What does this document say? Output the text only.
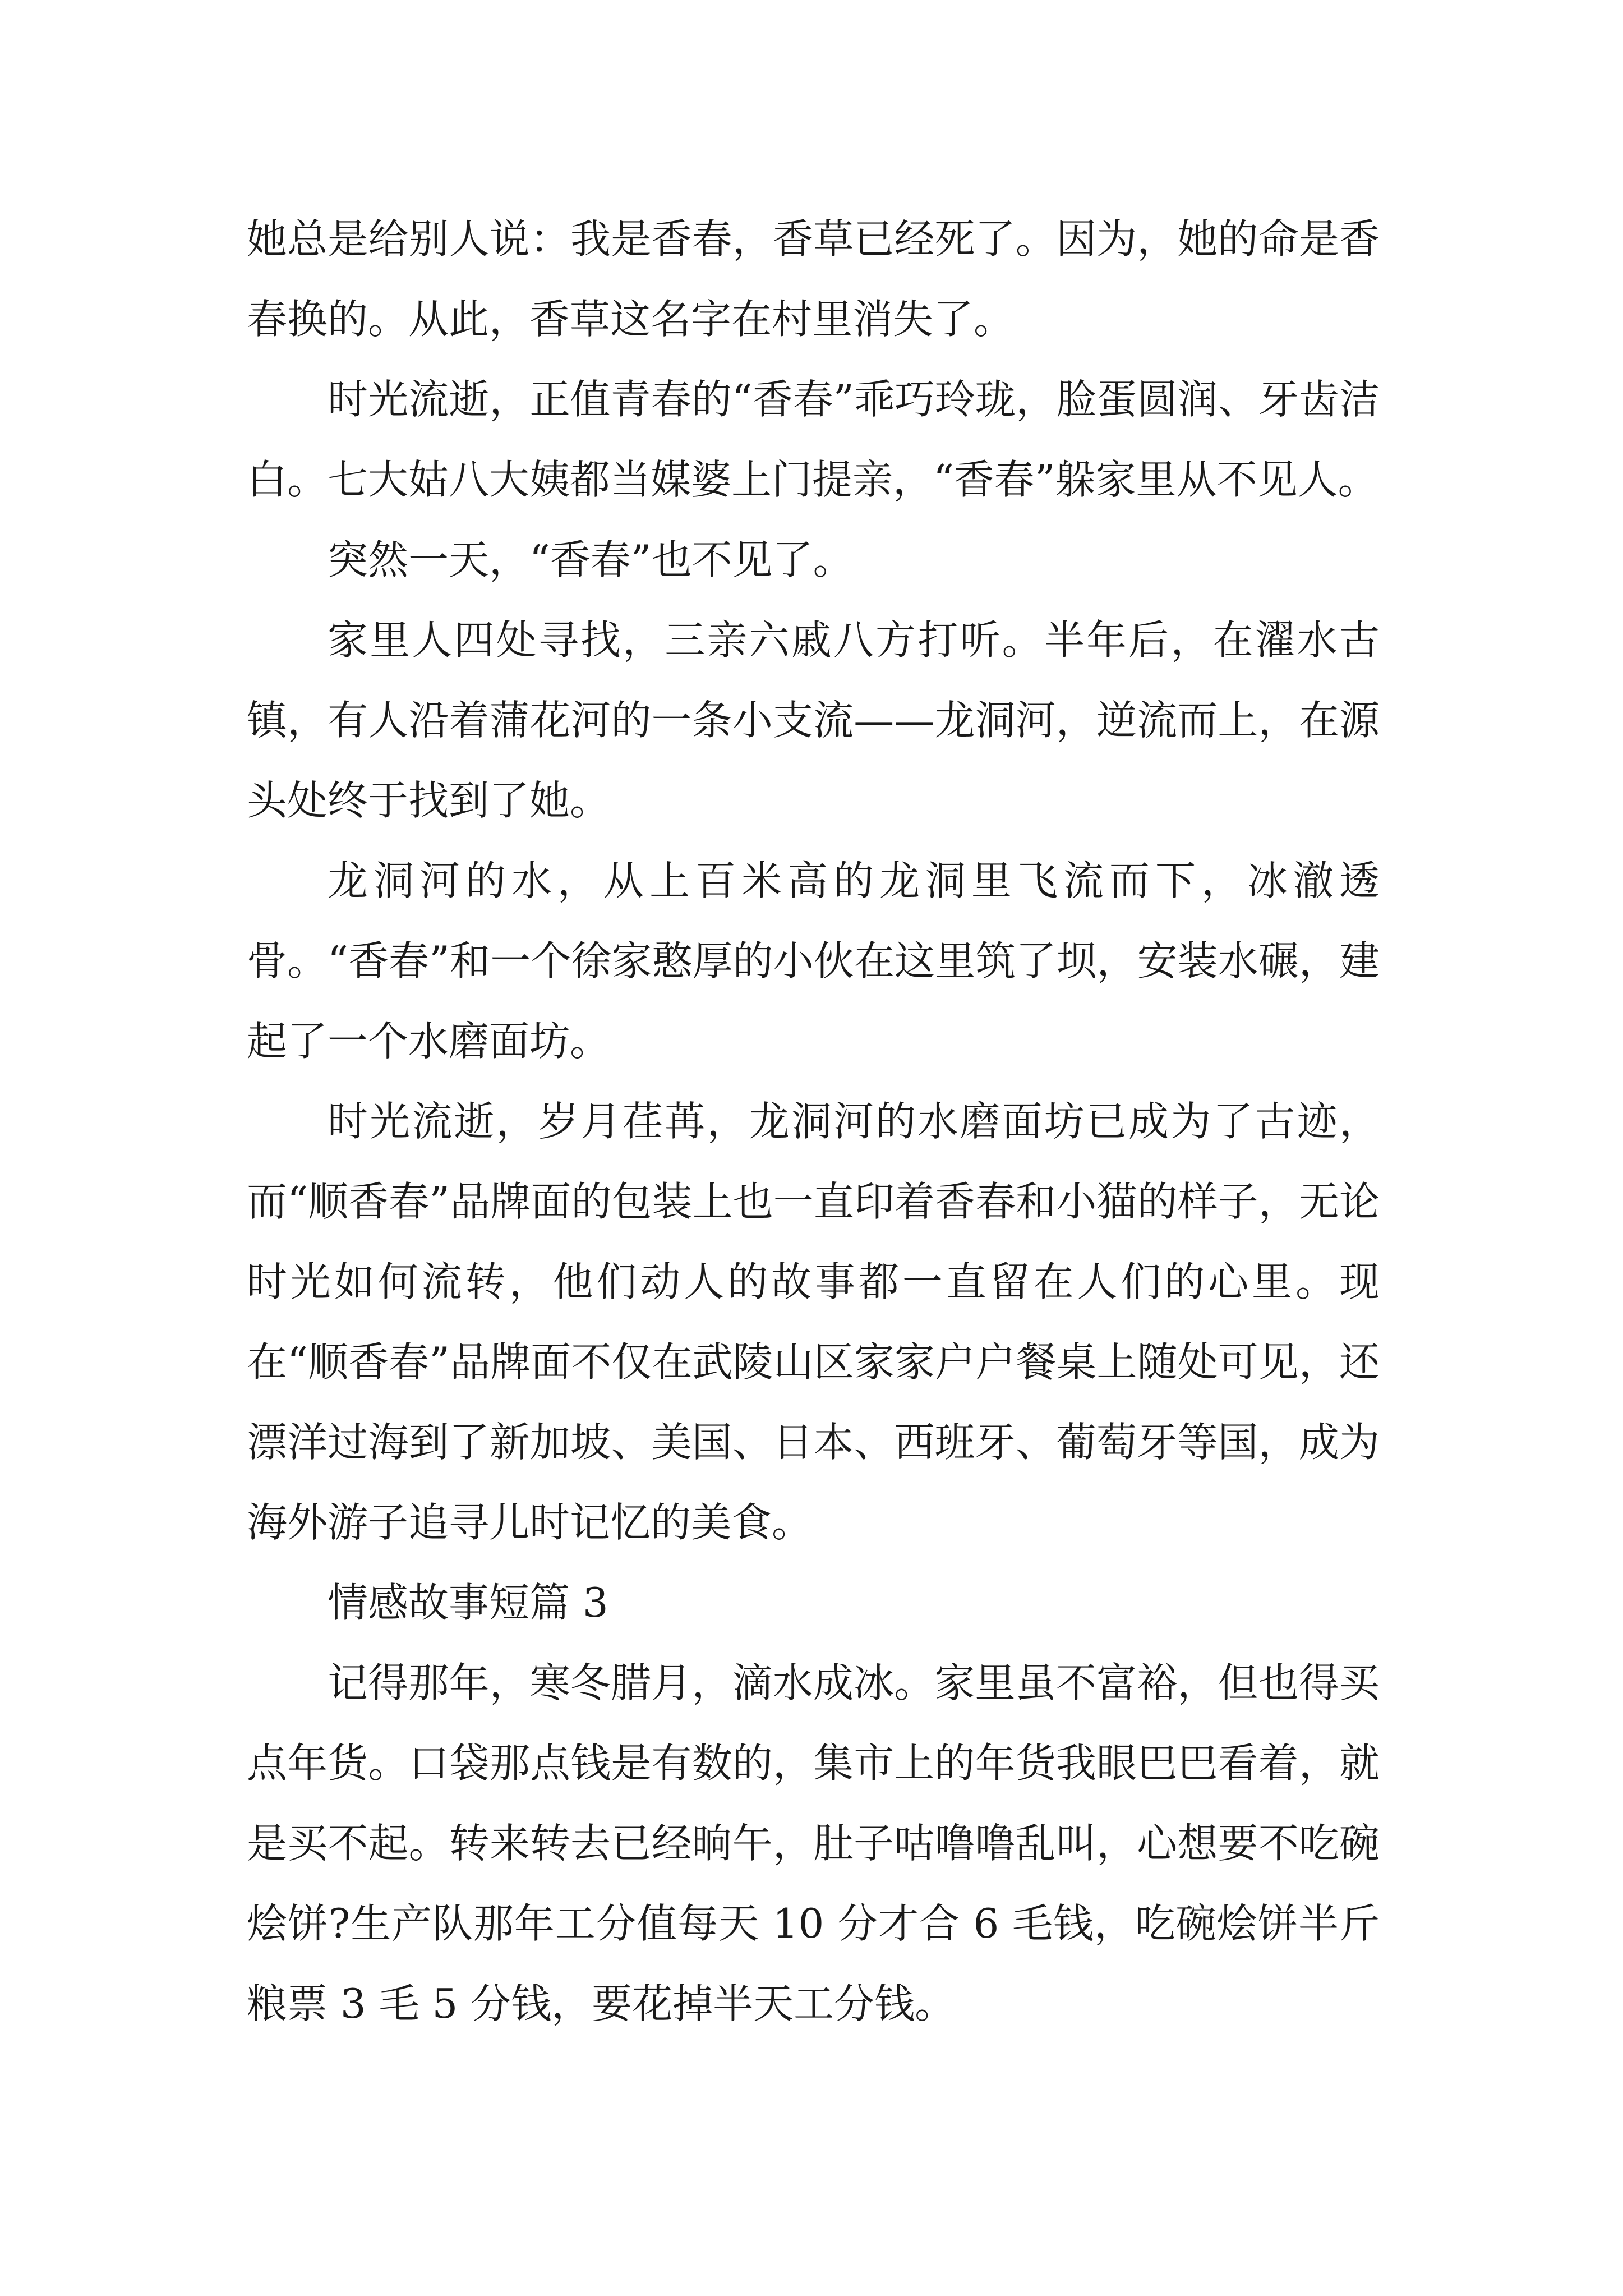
她总是给别人说：我是香春，香草已经死了。因为，她的命是香春换的。从此，香草这名字在村里消失了。

时光流逝，正值青春的“香春”乖巧玲珑，脸蛋圆润、牙齿洁白。七大姑八大姨都当媒婆上门提亲，“香春”躲家里从不见人。

突然一天，“香春”也不见了。

家里人四处寻找，三亲六戚八方打听。半年后，在濯水古镇，有人沿着蒲花河的一条小支流——龙洞河，逆流而上，在源头处终于找到了她。

龙洞河的水，从上百米高的龙洞里飞流而下，冰澈透骨。“香春”和一个徐家憨厚的小伙在这里筑了坝，安装水碾，建起了一个水磨面坊。

时光流逝，岁月荏苒，龙洞河的水磨面坊已成为了古迹，而“顺香春”品牌面的包装上也一直印着香春和小猫的样子，无论时光如何流转，他们动人的故事都一直留在人们的心里。现在“顺香春”品牌面不仅在武陵山区家家户户餐桌上随处可见，还漂洋过海到了新加坡、美国、日本、西班牙、葡萄牙等国，成为海外游子追寻儿时记忆的美食。

情感故事短篇 3

记得那年，寒冬腊月，滴水成冰。家里虽不富裕，但也得买点年货。口袋那点钱是有数的，集市上的年货我眼巴巴看着，就是买不起。转来转去已经晌午，肚子咕噜噜乱叫，心想要不吃碗烩饼?生产队那年工分值每天 10 分才合 6 毛钱，吃碗烩饼半斤粮票 3 毛 5 分钱，要花掉半天工分钱。
